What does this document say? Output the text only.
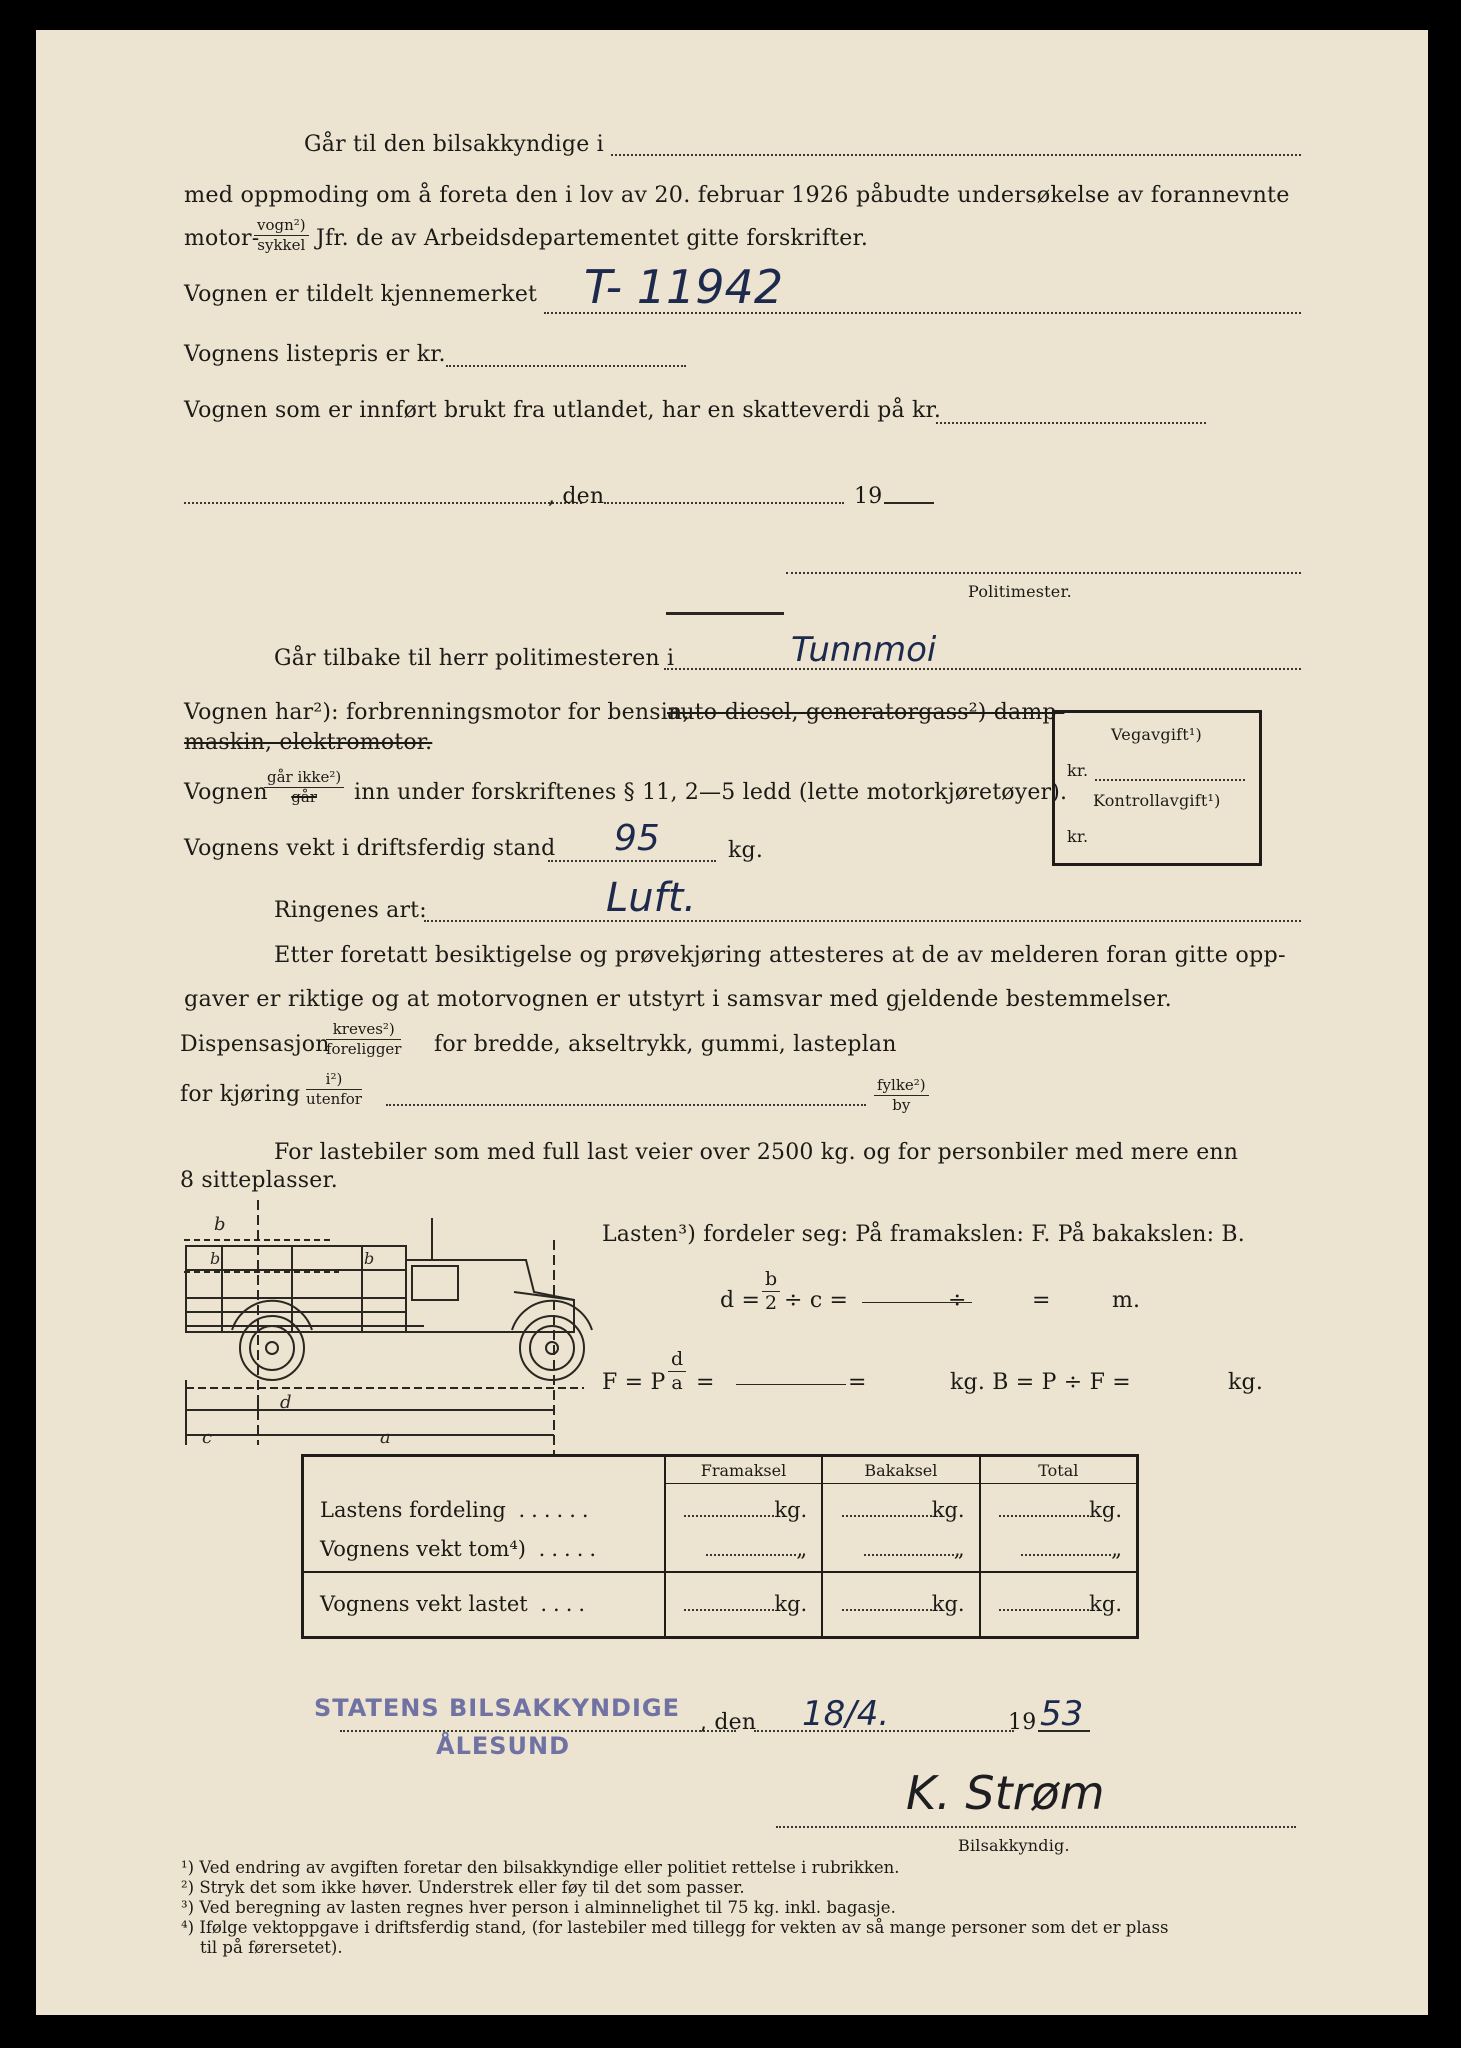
Går til den bilsakkyndige i
med oppmoding om å foreta den i lov av 20. februar 1926 påbudte undersøkelse av forannevnte
motor-
vogn²)
sykkel Jfr. de av Arbeidsdepartementet gitte forskrifter.
Vognen er tildelt kjennemerket T- 11942
Vognens listepris er kr.
Vognen som er innført brukt fra utlandet, har en skatteverdi på kr.
, den	19
Politimester.
Går tilbake til herr politimesteren i	Tunnmoi
Vognen har²): forbrenningsmotor for bensin,
auto-diesel, generatorgass²) damp-
maskin, elektromotor.
Vognen
går ikke²)
går	inn under forskriftenes § 11, 2—5 ledd (lette motorkjøretøyer).
Vognens vekt i driftsferdig stand 95	kg.
Ringenes art:	Luft.
Etter foretatt besiktigelse og prøvekjøring attesteres at de av melderen foran gitte opp-
gaver er riktige og at motorvognen er utstyrt i samsvar med gjeldende bestemmelser.
Dispensasjon
kreves²)
foreligger for bredde, akseltrykk, gummi, lasteplan
for kjøring
i²)
utenfor
fylke²)
by
For lastebiler som med full last veier over 2500 kg. og for personbiler med mere enn
8 sitteplasser.
b
b	b
c
d
a
Lasten³) fordeler seg: På framakslen: F. På bakakslen: B.
$d = \frac{b}{2} \div c$ =	÷	=	m.
F = P $\frac{d}{a}$ =	=	kg. B = P ÷ F =	kg.
	Framaksel	Bakaksel	Total
Lastens fordeling ......	kg.	kg.	kg.
Vognens vekt tom⁴) .....	„	„	„
Vognens vekt lastet ....	kg.	kg.	kg.
STATENS BILSAKKYNDIGE
ÅLESUND
, den 18/4.	19 53
K. Strøm
Bilsakkyndig.
¹) Ved endring av avgiften foretar den bilsakkyndige eller politiet rettelse i rubrikken.
²) Stryk det som ikke høver. Understrek eller føy til det som passer.
³) Ved beregning av lasten regnes hver person i alminnelighet til 75 kg. inkl. bagasje.
⁴) Ifølge vektoppgave i driftsferdig stand, (for lastebiler med tillegg for vekten av så mange personer som det er plass
til på førersetet).
Vegavgift¹)
kr.
Kontrollavgift¹)
kr.
